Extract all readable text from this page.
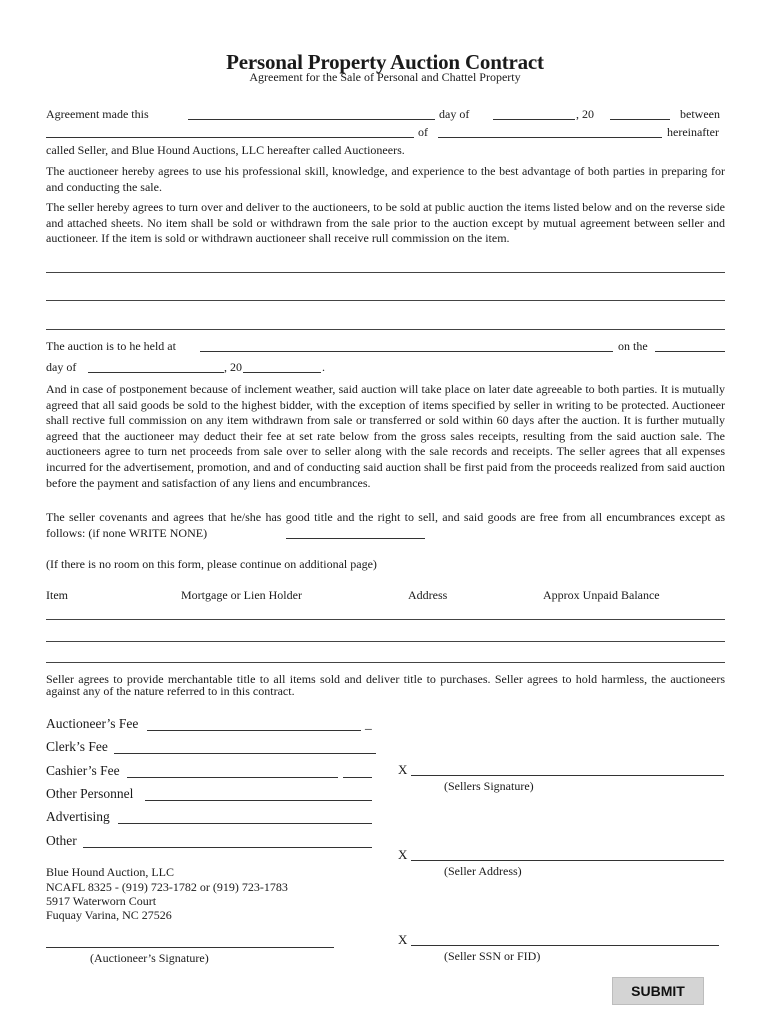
Personal Property Auction Contract
Agreement for the Sale of Personal and Chattel Property
Agreement made this	day of	, 20	between
of	hereinafter
called Seller, and Blue Hound Auctions, LLC hereafter called Auctioneers.
The auctioneer hereby agrees to use his professional skill, knowledge, and experience to the best advantage of both parties in preparing for and conducting the sale.
The seller hereby agrees to turn over and deliver to the auctioneers, to be sold at public auction the items listed below and on the reverse side and attached sheets. No item shall be sold or withdrawn from the sale prior to the auction except by mutual agreement between seller and auctioneer. If the item is sold or withdrawn auctioneer shall receive rull commission on the item.
The auction is to he held at	on the
day of	, 20	.
And in case of postponement because of inclement weather, said auction will take place on later date agreeable to both parties. It is mutually agreed that all said goods be sold to the highest bidder, with the exception of items specified by seller in writing to be protected. Auctioneer shall rective full commission on any item withdrawn from sale or transferred or sold within 60 days after the auction. It is further mutually agreed that the auctioneer may deduct their fee at set rate below from the gross sales receipts, resulting from the said auction sale. The auctioneers agree to turn net proceeds from sale over to seller along with the sale records and receipts. The seller agrees that all expenses incurred for the advertisement, promotion, and and of conducting said auction shall be first paid from the proceeds realized from said auction before the payment and satisfaction of any liens and encumbrances.
The seller covenants and agrees that he/she has good title and the right to sell, and said goods are free from all encumbrances except as follows: (if none WRITE NONE)
(If there is no room on this form, please continue on additional page)
Item	Mortgage or Lien Holder	Address	Approx Unpaid Balance
Seller agrees to provide merchantable title to all items sold and deliver title to purchases. Seller agrees to hold harmless, the auctioneers against any of the nature referred to in this contract.
Auctioneer’s Fee	_
Clerk’s Fee
Cashier’s Fee
Other Personnel
Advertising
Other
X
(Sellers Signature)
X
(Seller Address)
X
(Seller SSN or FID)
Blue Hound Auction, LLC
NCAFL 8325 - (919) 723-1782 or (919) 723-1783
5917 Waterworn Court
Fuquay Varina, NC 27526
(Auctioneer’s Signature)
SUBMIT
